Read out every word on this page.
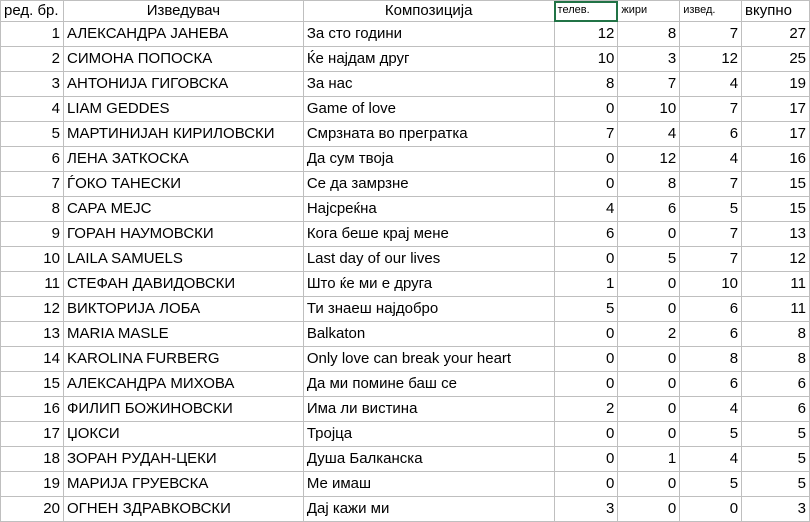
ред. бр.	Изведувач	Композиција	телев.	жири	извед.	вкупно
1	АЛЕКСАНДРА ЈАНЕВА	За сто години	12	8	7	27
2	СИМОНА ПОПОСКА	Ќе најдам друг	10	3	12	25
3	АНТОНИЈА ГИГОВСКА	За нас	8	7	4	19
4	LIAM GEDDES	Game of love	0	10	7	17
5	МАРТИНИЈАН КИРИЛОВСКИ	Смрзната во прегратка	7	4	6	17
6	ЛЕНА ЗАТКОСКА	Да сум твоја	0	12	4	16
7	ЃОКО ТАНЕСКИ	Се да замрзне	0	8	7	15
8	САРА МЕЈС	Најсреќна	4	6	5	15
9	ГОРАН НАУМОВСКИ	Кога беше крај мене	6	0	7	13
10	LAILA SAMUELS	Last day of our lives	0	5	7	12
11	СТЕФАН ДАВИДОВСКИ	Што ќе ми е друга	1	0	10	11
12	ВИКТОРИЈА ЛОБА	Ти знаеш најдобро	5	0	6	11
13	MARIA MASLE	Balkaton	0	2	6	8
14	KAROLINA FURBERG	Only love can break your heart	0	0	8	8
15	АЛЕКСАНДРА МИХОВА	Да ми помине баш се	0	0	6	6
16	ФИЛИП БОЖИНОВСКИ	Има ли вистина	2	0	4	6
17	ЏОКСИ	Тројца	0	0	5	5
18	ЗОРАН РУДАН-ЦЕКИ	Душа Балканска	0	1	4	5
19	МАРИЈА ГРУЕВСКА	Ме имаш	0	0	5	5
20	ОГНЕН ЗДРАВКОВСКИ	Дај кажи ми	3	0	0	3
